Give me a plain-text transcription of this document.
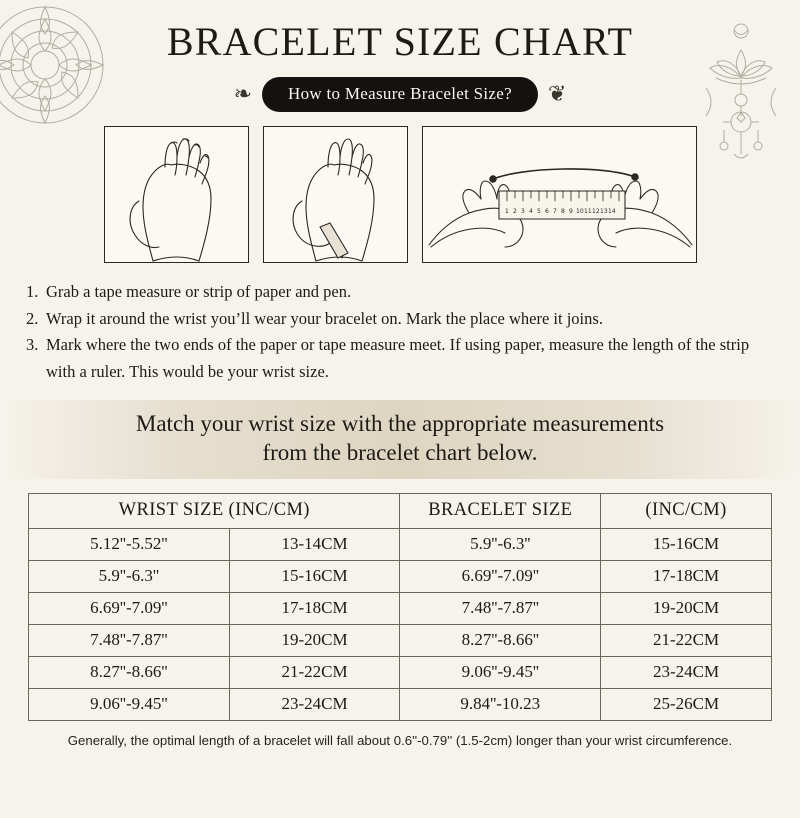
BRACELET SIZE CHART
❧	How to Measure Bracelet Size?	❦
1 2 3 4 5 6 7 8 9 10 11 12 13 14
1. Grab a tape measure or strip of paper and pen.
2. Wrap it around the wrist you’ll wear your bracelet on. Mark the place where it joins.
3. Mark where the two ends of the paper or tape measure meet. If using paper, measure the length of the strip with a ruler. This would be your wrist size.
Match your wrist size with the appropriate measurements
from the bracelet chart below.
WRIST SIZE (INC/CM)		BRACELET SIZE	(INC/CM)
5.12''-5.52''	13-14CM	5.9''-6.3''	15-16CM
5.9''-6.3''	15-16CM	6.69''-7.09''	17-18CM
6.69''-7.09''	17-18CM	7.48''-7.87''	19-20CM
7.48''-7.87''	19-20CM	8.27''-8.66''	21-22CM
8.27''-8.66''	21-22CM	9.06''-9.45''	23-24CM
9.06''-9.45''	23-24CM	9.84''-10.23	25-26CM
Generally, the optimal length of a bracelet will fall about 0.6''-0.79'' (1.5-2cm) longer than your wrist circumference.
